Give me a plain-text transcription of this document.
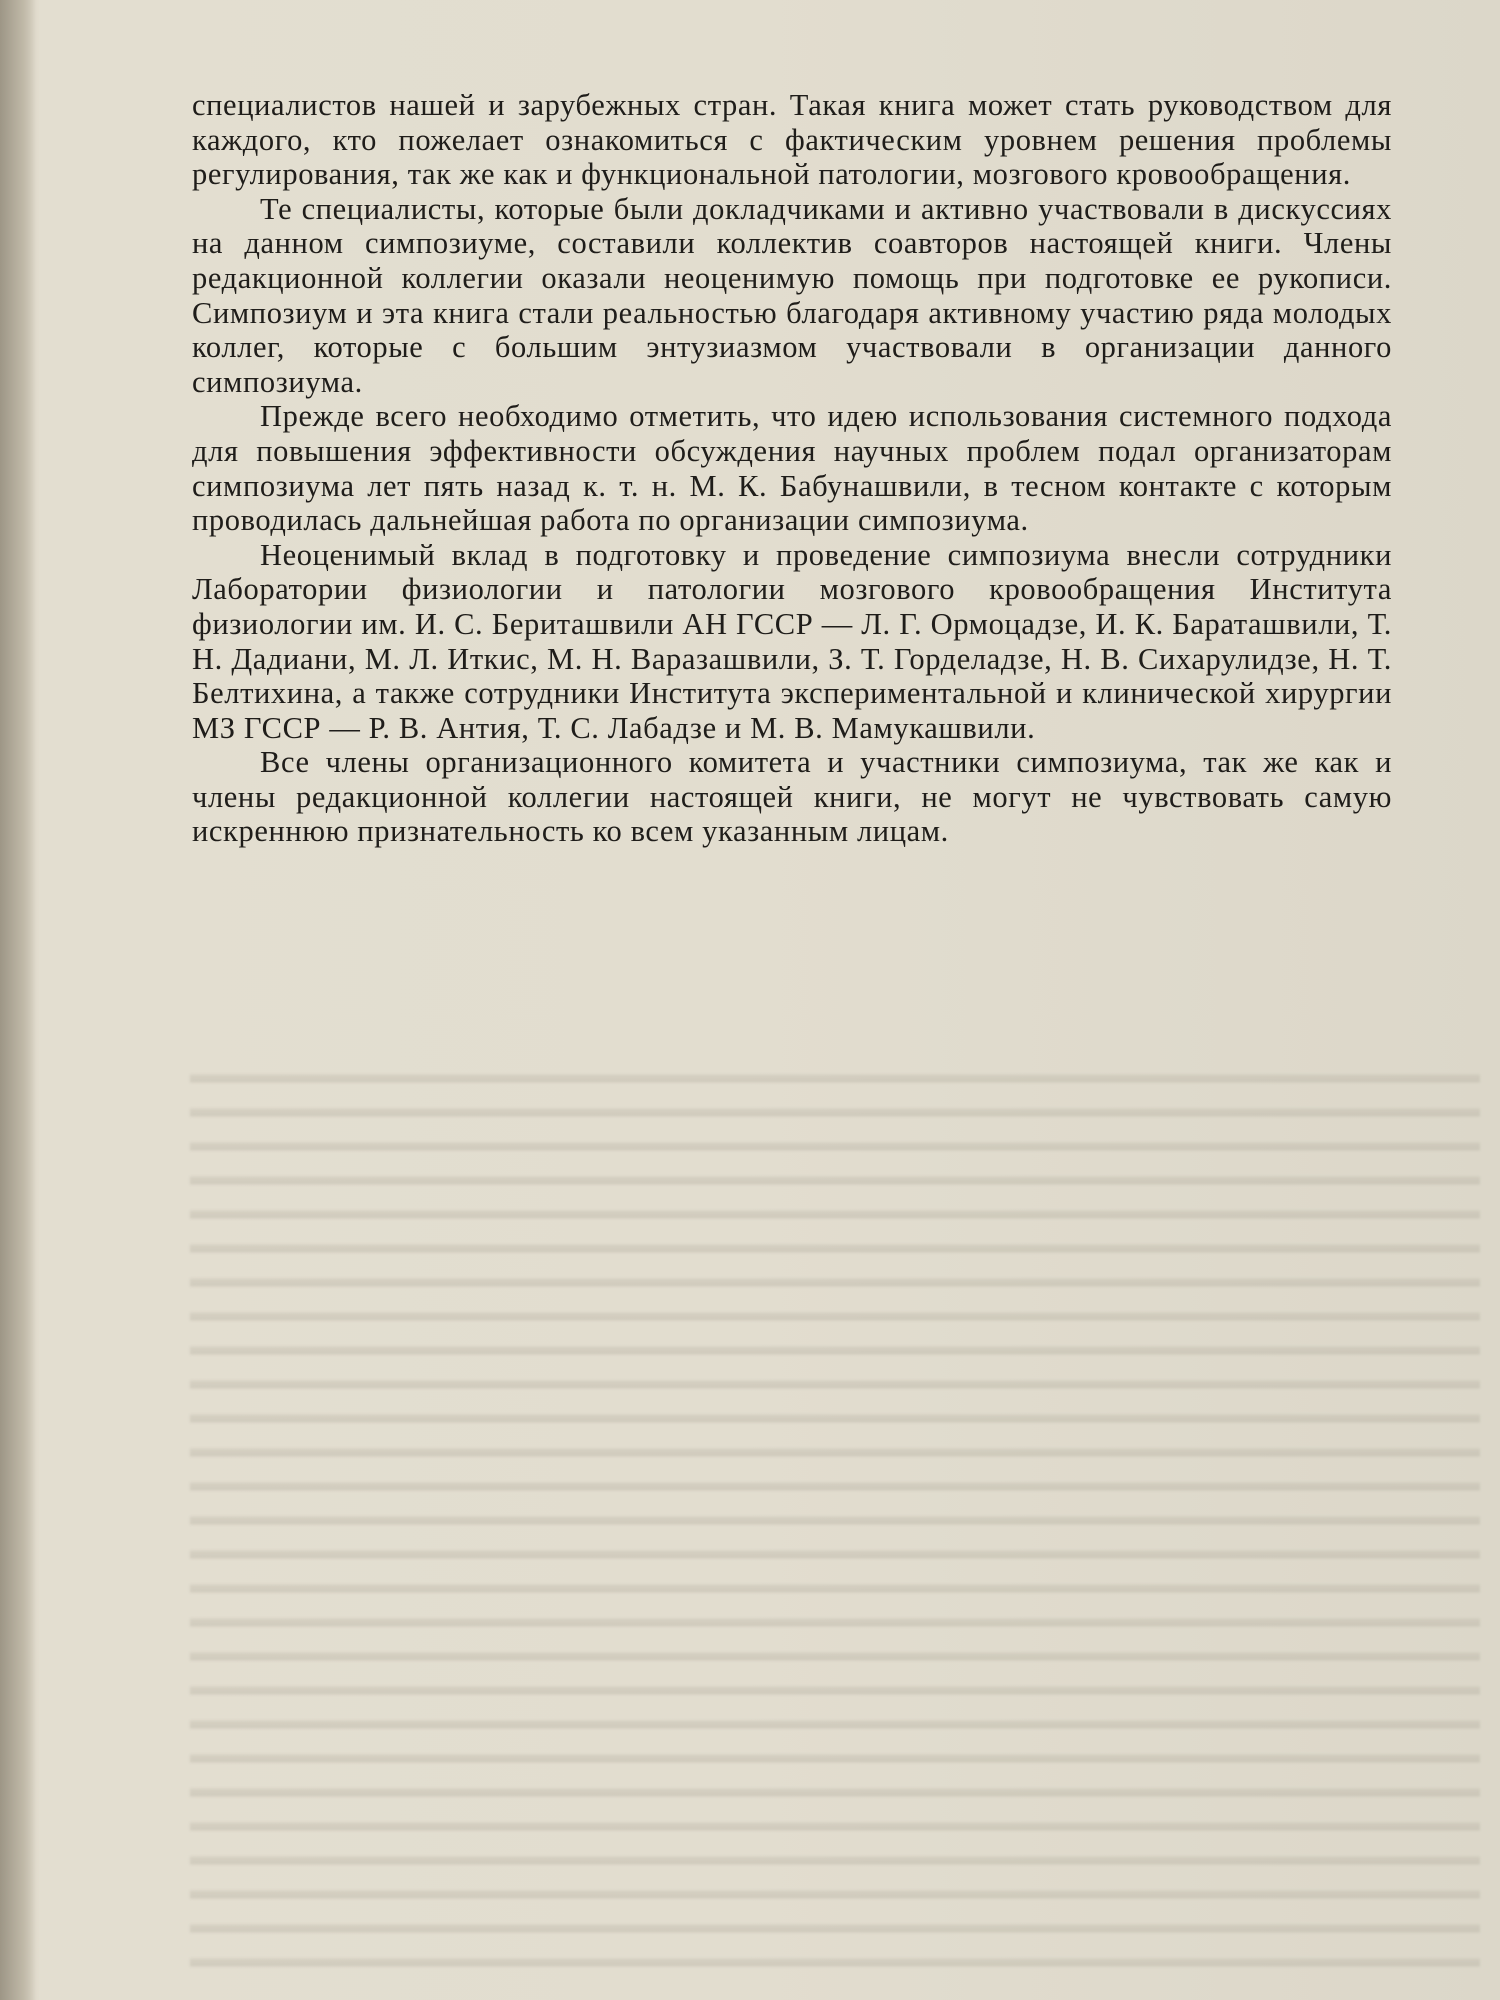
специалистов нашей и зарубежных стран. Такая книга может стать руководством для каждого, кто пожелает ознакомиться с фактическим уровнем решения проблемы регулирования, так же как и функциональной патологии, мозгового кровообращения.

Те специалисты, которые были докладчиками и активно участвовали в дискуссиях на данном симпозиуме, составили коллектив соавторов настоящей книги. Члены редакционной коллегии оказали неоценимую помощь при подготовке ее рукописи. Симпозиум и эта книга стали реальностью благодаря активному участию ряда молодых коллег, которые с большим энтузиазмом участвовали в организации данного симпозиума.

Прежде всего необходимо отметить, что идею использования системного подхода для повышения эффективности обсуждения научных проблем подал организаторам симпозиума лет пять назад к. т. н. М. К. Бабунашвили, в тесном контакте с которым проводилась дальнейшая работа по организации симпозиума.

Неоценимый вклад в подготовку и проведение симпозиума внесли сотрудники Лаборатории физиологии и патологии мозгового кровообращения Института физиологии им. И. С. Бериташвили АН ГССР — Л. Г. Ормоцадзе, И. К. Бараташвили, Т. Н. Дадиани, М. Л. Иткис, М. Н. Варазашвили, З. Т. Горделадзе, Н. В. Сихарулидзе, Н. Т. Белтихина, а также сотрудники Института экспериментальной и клинической хирургии МЗ ГССР — Р. В. Антия, Т. С. Лабадзе и М. В. Мамукашвили.

Все члены организационного комитета и участники симпозиума, так же как и члены редакционной коллегии настоящей книги, не могут не чувствовать самую искреннюю признательность ко всем указанным лицам.
